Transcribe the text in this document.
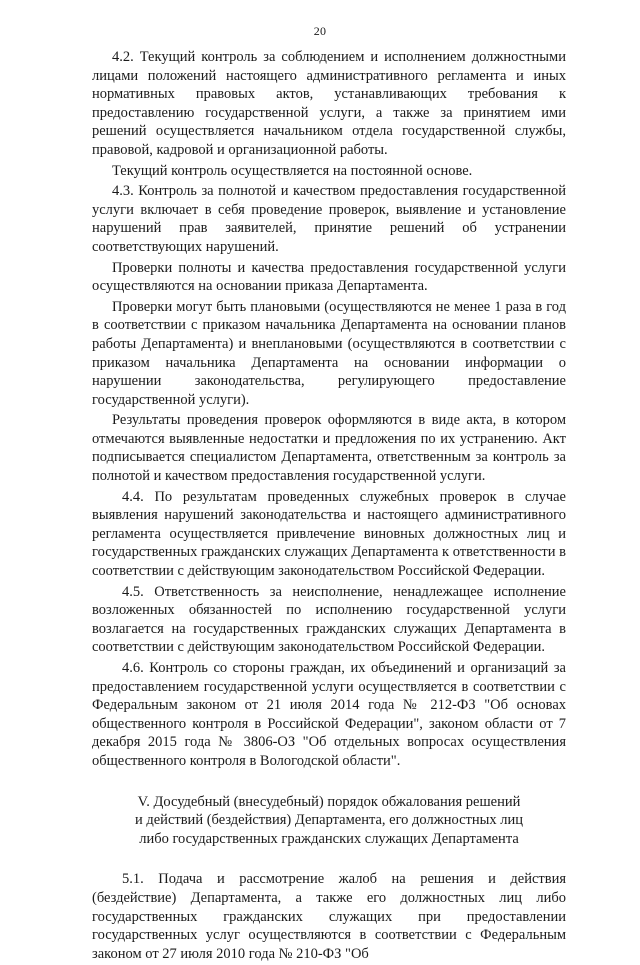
20

4.2. Текущий контроль за соблюдением и исполнением должностными лицами положений настоящего административного регламента и иных нормативных правовых актов, устанавливающих требования к предоставлению государственной услуги, а также за принятием ими решений осуществляется начальником отдела государственной службы, правовой, кадровой и организационной работы.

Текущий контроль осуществляется на постоянной основе.

4.3. Контроль за полнотой и качеством предоставления государственной услуги включает в себя проведение проверок, выявление и установление нарушений прав заявителей, принятие решений об устранении соответствующих нарушений.

Проверки полноты и качества предоставления государственной услуги осуществляются на основании приказа Департамента.

Проверки могут быть плановыми (осуществляются не менее 1 раза в год в соответствии с приказом начальника Департамента на основании планов работы Департамента) и внеплановыми (осуществляются в соответствии с приказом начальника Департамента на основании информации о нарушении законодательства, регулирующего предоставление государственной услуги).

Результаты проведения проверок оформляются в виде акта, в котором отмечаются выявленные недостатки и предложения по их устранению. Акт подписывается специалистом Департамента, ответственным за контроль за полнотой и качеством предоставления государственной услуги.

4.4. По результатам проведенных служебных проверок в случае выявления нарушений законодательства и настоящего административного регламента осуществляется привлечение виновных должностных лиц и государственных гражданских служащих Департамента к ответственности в соответствии с действующим законодательством Российской Федерации.

4.5. Ответственность за неисполнение, ненадлежащее исполнение возложенных обязанностей по исполнению государственной услуги возлагается на государственных гражданских служащих Департамента в соответствии с действующим законодательством Российской Федерации.

4.6. Контроль со стороны граждан, их объединений и организаций за предоставлением государственной услуги осуществляется в соответствии с Федеральным законом от 21 июля 2014 года № 212-ФЗ "Об основах общественного контроля в Российской Федерации", законом области от 7 декабря 2015 года № 3806-ОЗ "Об отдельных вопросах осуществления общественного контроля в Вологодской области".

V. Досудебный (внесудебный) порядок обжалования решений
и действий (бездействия) Департамента, его должностных лиц
либо государственных гражданских служащих Департамента

5.1. Подача и рассмотрение жалоб на решения и действия (бездействие) Департамента, а также его должностных лиц либо государственных гражданских служащих при предоставлении государственных услуг осуществляются в соответствии с Федеральным законом от 27 июля 2010 года № 210-ФЗ "Об
